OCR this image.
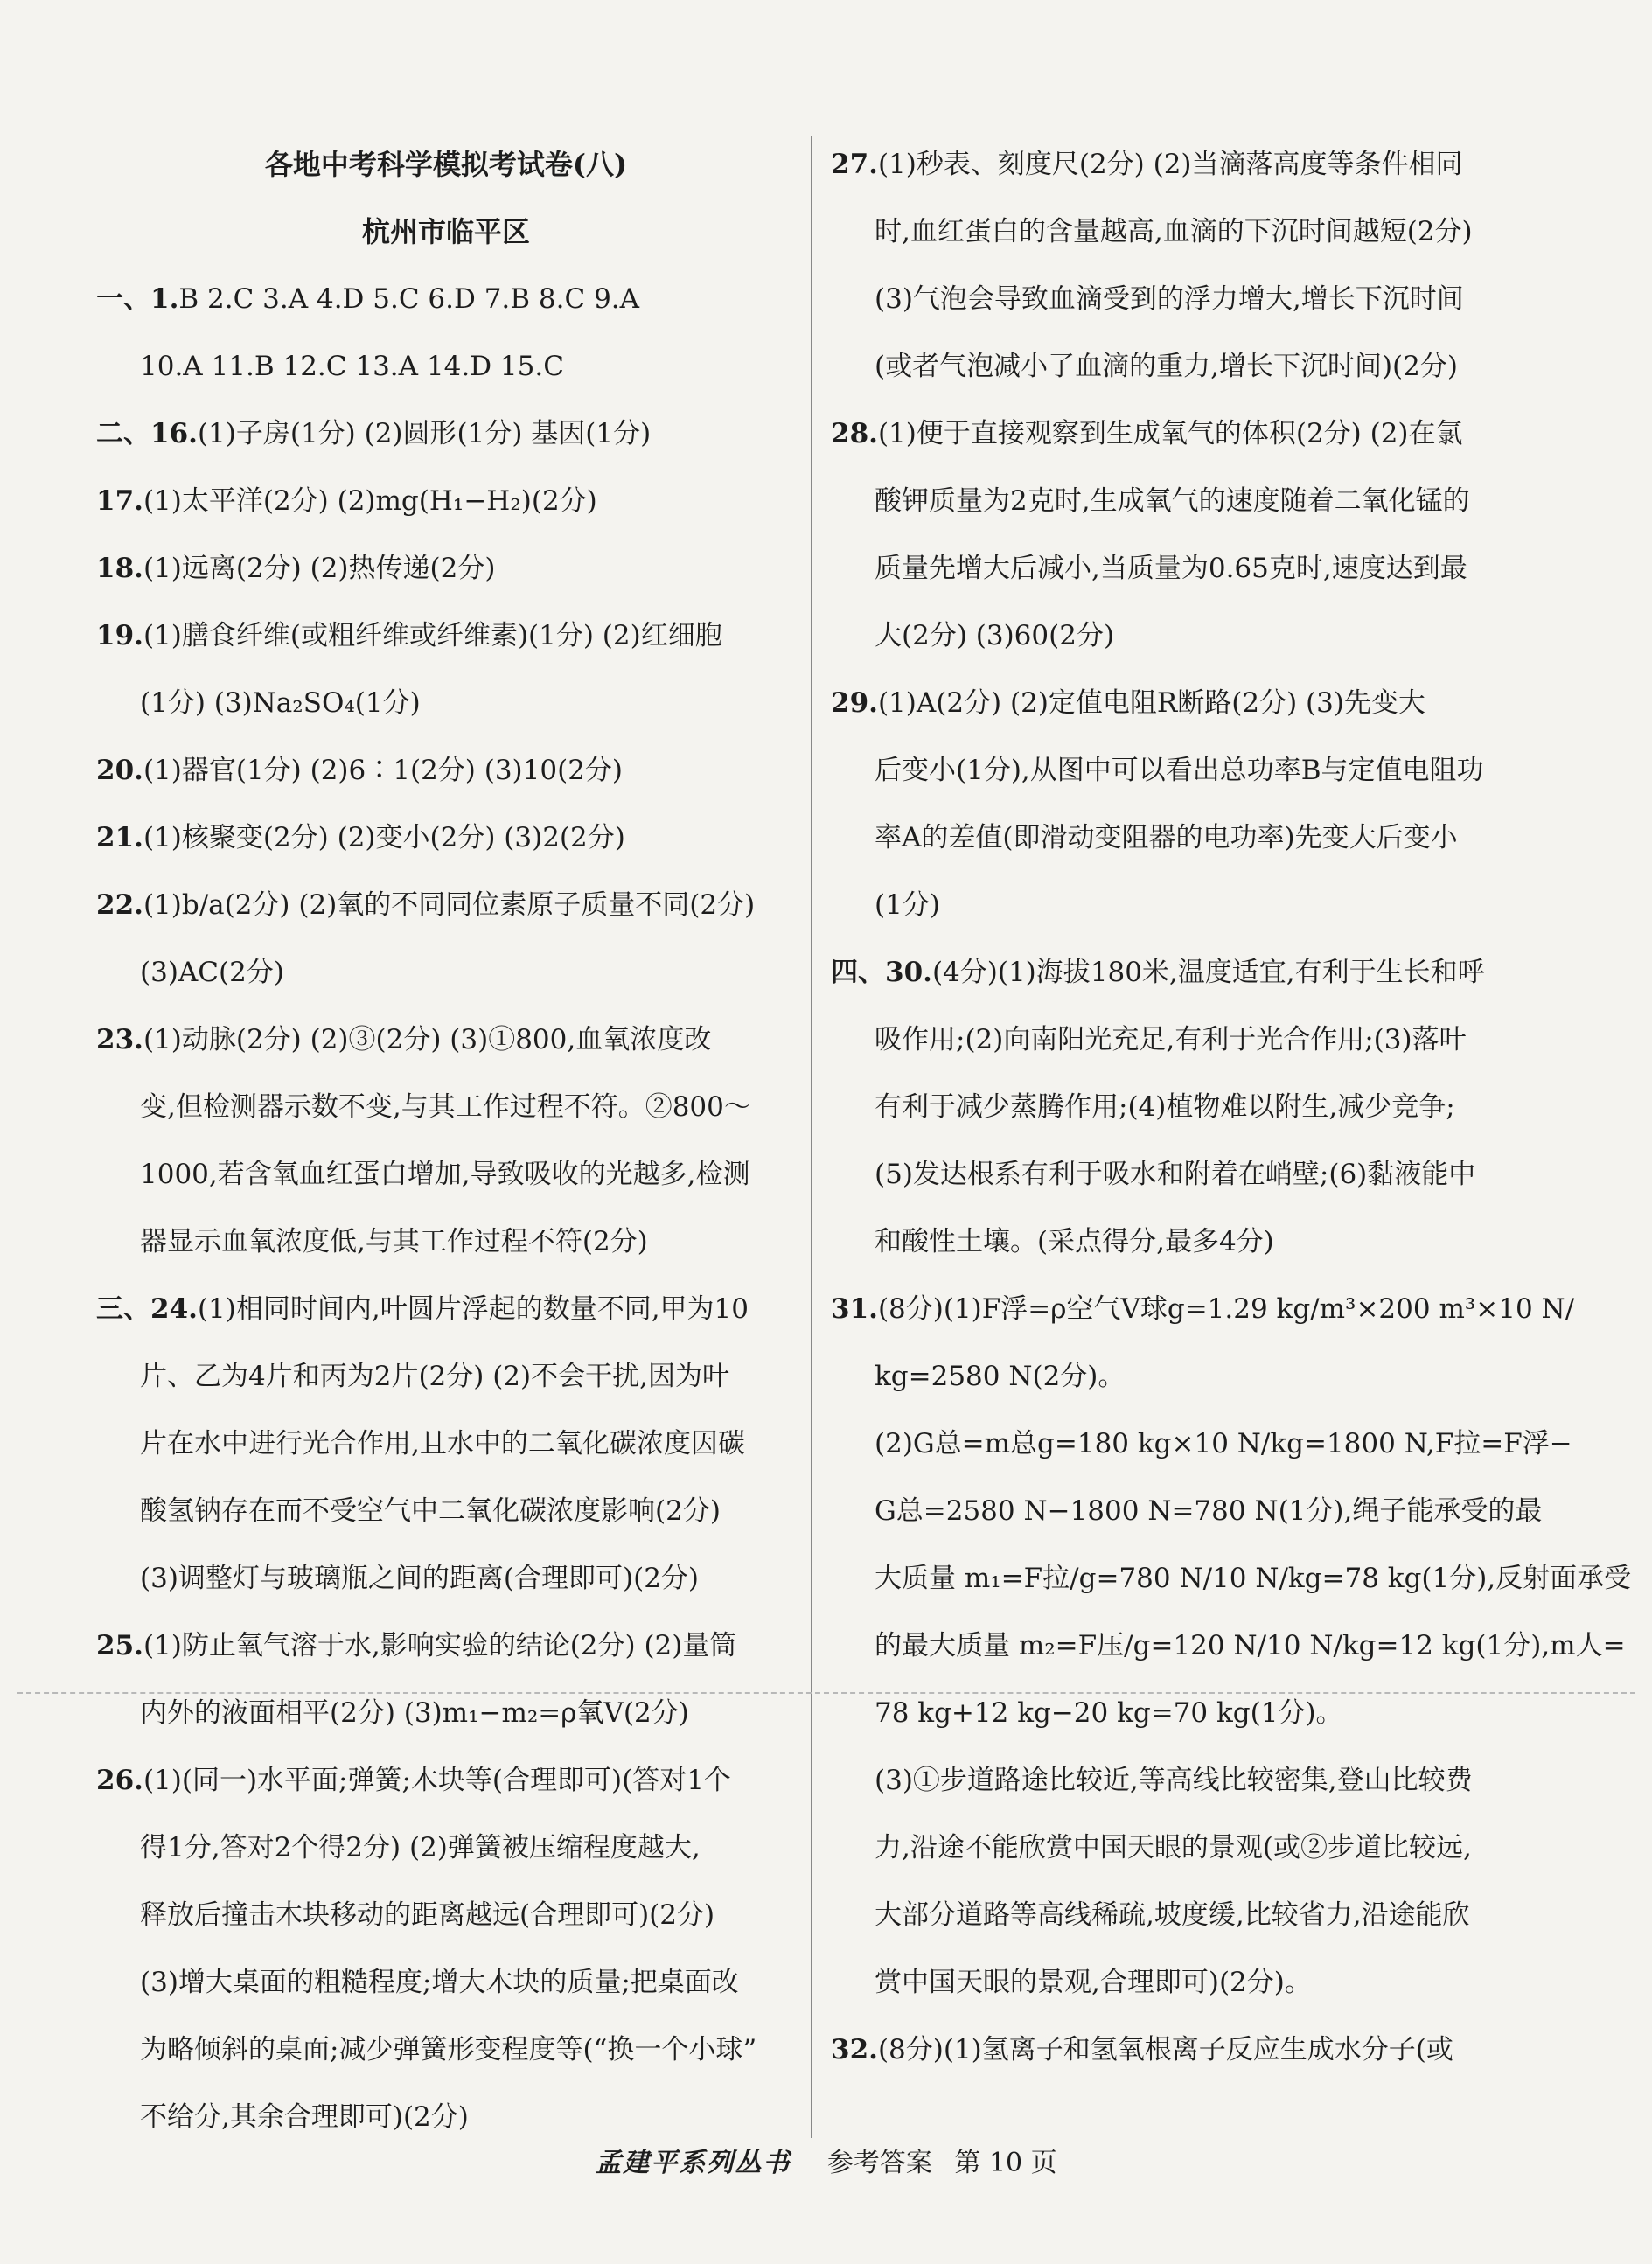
各地中考科学模拟考试卷(八)
杭州市临平区
一、1.B 2.C 3.A 4.D 5.C 6.D 7.B 8.C 9.A
10.A 11.B 12.C 13.A 14.D 15.C
二、16.(1)子房(1分) (2)圆形(1分) 基因(1分)
17.(1)太平洋(2分) (2)mg(H₁−H₂)(2分)
18.(1)远离(2分) (2)热传递(2分)
19.(1)膳食纤维(或粗纤维或纤维素)(1分) (2)红细胞
(1分) (3)Na₂SO₄(1分)
20.(1)器官(1分) (2)6∶1(2分) (3)10(2分)
21.(1)核聚变(2分) (2)变小(2分) (3)2(2分)
22.(1)b/a(2分) (2)氧的不同同位素原子质量不同(2分)
(3)AC(2分)
23.(1)动脉(2分) (2)③(2分) (3)①800,血氧浓度改
变,但检测器示数不变,与其工作过程不符。②800～
1000,若含氧血红蛋白增加,导致吸收的光越多,检测
器显示血氧浓度低,与其工作过程不符(2分)
三、24.(1)相同时间内,叶圆片浮起的数量不同,甲为10
片、乙为4片和丙为2片(2分) (2)不会干扰,因为叶
片在水中进行光合作用,且水中的二氧化碳浓度因碳
酸氢钠存在而不受空气中二氧化碳浓度影响(2分)
(3)调整灯与玻璃瓶之间的距离(合理即可)(2分)
25.(1)防止氧气溶于水,影响实验的结论(2分) (2)量筒
内外的液面相平(2分) (3)m₁−m₂=ρ氧V(2分)
26.(1)(同一)水平面;弹簧;木块等(合理即可)(答对1个
得1分,答对2个得2分) (2)弹簧被压缩程度越大,
释放后撞击木块移动的距离越远(合理即可)(2分)
(3)增大桌面的粗糙程度;增大木块的质量;把桌面改
为略倾斜的桌面;减少弹簧形变程度等(“换一个小球”
不给分,其余合理即可)(2分)
27.(1)秒表、刻度尺(2分) (2)当滴落高度等条件相同
时,血红蛋白的含量越高,血滴的下沉时间越短(2分)
(3)气泡会导致血滴受到的浮力增大,增长下沉时间
(或者气泡减小了血滴的重力,增长下沉时间)(2分)
28.(1)便于直接观察到生成氧气的体积(2分) (2)在氯
酸钾质量为2克时,生成氧气的速度随着二氧化锰的
质量先增大后减小,当质量为0.65克时,速度达到最
大(2分) (3)60(2分)
29.(1)A(2分) (2)定值电阻R断路(2分) (3)先变大
后变小(1分),从图中可以看出总功率B与定值电阻功
率A的差值(即滑动变阻器的电功率)先变大后变小
(1分)
四、30.(4分)(1)海拔180米,温度适宜,有利于生长和呼
吸作用;(2)向南阳光充足,有利于光合作用;(3)落叶
有利于减少蒸腾作用;(4)植物难以附生,减少竞争;
(5)发达根系有利于吸水和附着在峭壁;(6)黏液能中
和酸性土壤。(采点得分,最多4分)
31.(8分)(1)F浮=ρ空气V球g=1.29 kg/m³×200 m³×10 N/
kg=2580 N(2分)。
(2)G总=m总g=180 kg×10 N/kg=1800 N,F拉=F浮−
G总=2580 N−1800 N=780 N(1分),绳子能承受的最
大质量 m₁=F拉/g=780 N/10 N/kg=78 kg(1分),反射面承受
的最大质量 m₂=F压/g=120 N/10 N/kg=12 kg(1分),m人=
78 kg+12 kg−20 kg=70 kg(1分)。
(3)①步道路途比较近,等高线比较密集,登山比较费
力,沿途不能欣赏中国天眼的景观(或②步道比较远,
大部分道路等高线稀疏,坡度缓,比较省力,沿途能欣
赏中国天眼的景观,合理即可)(2分)。
32.(8分)(1)氢离子和氢氧根离子反应生成水分子(或
孟建平系列丛书 参考答案 第 10 页
